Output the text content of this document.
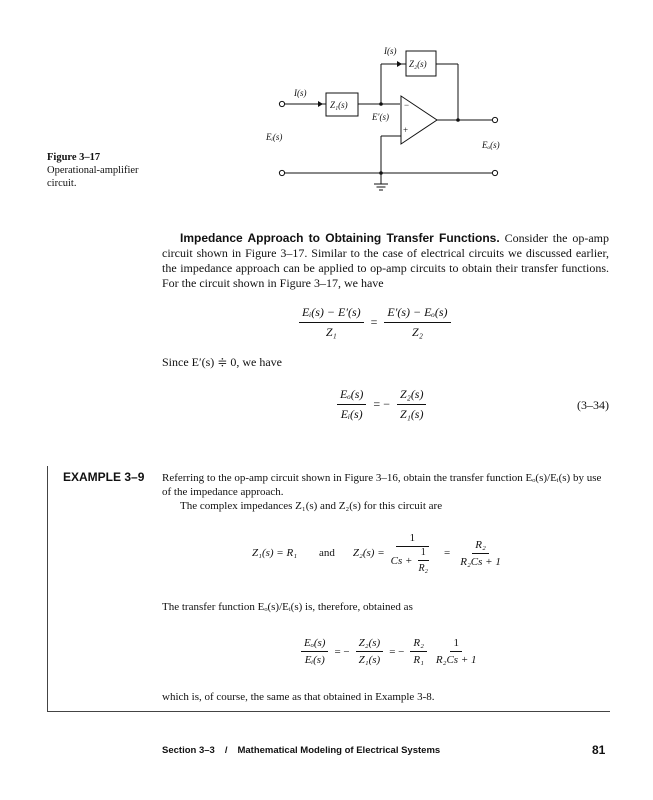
I(s)
Z₂(s)
I(s)
Z₁(s)
E′(s)
−
+
Eᵢ(s)
Eₒ(s)
Figure 3–17
Operational-amplifier circuit.
Impedance Approach to Obtaining Transfer Functions. Consider the op-amp circuit shown in Figure 3–17. Similar to the case of electrical circuits we discussed earlier, the impedance approach can be applied to op-amp circuits to obtain their transfer functions. For the circuit shown in Figure 3–17, we have
$\frac{\text{Eᵢ(s) − E′(s)}}{\text{Z₁}} = \frac{\text{E′(s) − Eₒ(s)}}{\text{Z₂}}$
Since E′(s) ≑ 0, we have
$\frac{\text{Eₒ(s)}}{\text{Eᵢ(s)}}$ = − $\frac{\text{Z₂(s)}}{\text{Z₁(s)}}$	(3–34)
EXAMPLE 3–9 Referring to the op-amp circuit shown in Figure 3–16, obtain the transfer function Eₒ(s)/Eᵢ(s) by use of the impedance approach.
The complex impedances Z₁(s) and Z₂(s) for this circuit are
Z₁(s) = R₁ and $Z_2(s) = \frac{1}{Cs + \frac{1}{\text{R₂}}} = \frac{\text{R₂}}{\text{R₂Cs + 1}}$
The transfer function Eₒ(s)/Eᵢ(s) is, therefore, obtained as
$\frac{\text{Eₒ(s)}}{\text{Eᵢ(s)}}$ = − $\frac{\text{Z₂(s)}}{\text{Z₁(s)}}$ = − $\frac{\text{R₂}}{\text{R₁}} \frac{1}{\text{R₂Cs + 1}}$
which is, of course, the same as that obtained in Example 3-8.
Section 3–3 / Mathematical Modeling of Electrical Systems	81
